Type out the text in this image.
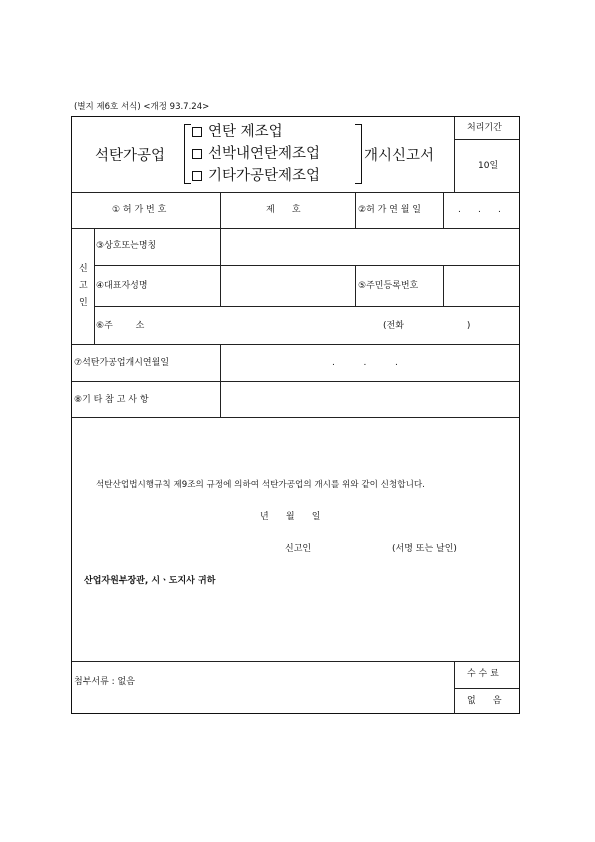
(별지 제6호 서식) <개정 93.7.24>
석탄가공업
연탄 제조업
선박내연탄제조업
기타가공탄제조업
개시신고서
처리기간
10일
① 허 가 번 호	제      호	②허 가 연 월 일	.      .      .
신
고
인
③상호또는명칭
④대표자성명	⑤주민등록번호
⑥주        소	(전화                      )
⑦석탄가공업개시연월일	.          .          .
⑧기 타 참 고 사 항
석탄산업법시행규칙 제9조의 규정에 의하여 석탄가공업의 개시를 위와 같이 신청합니다.
년      월      일
신고인	(서명 또는 날인)
산업자원부장관, 시ㆍ도지사 귀하
첨부서류 : 없음
수 수 료
없      음
